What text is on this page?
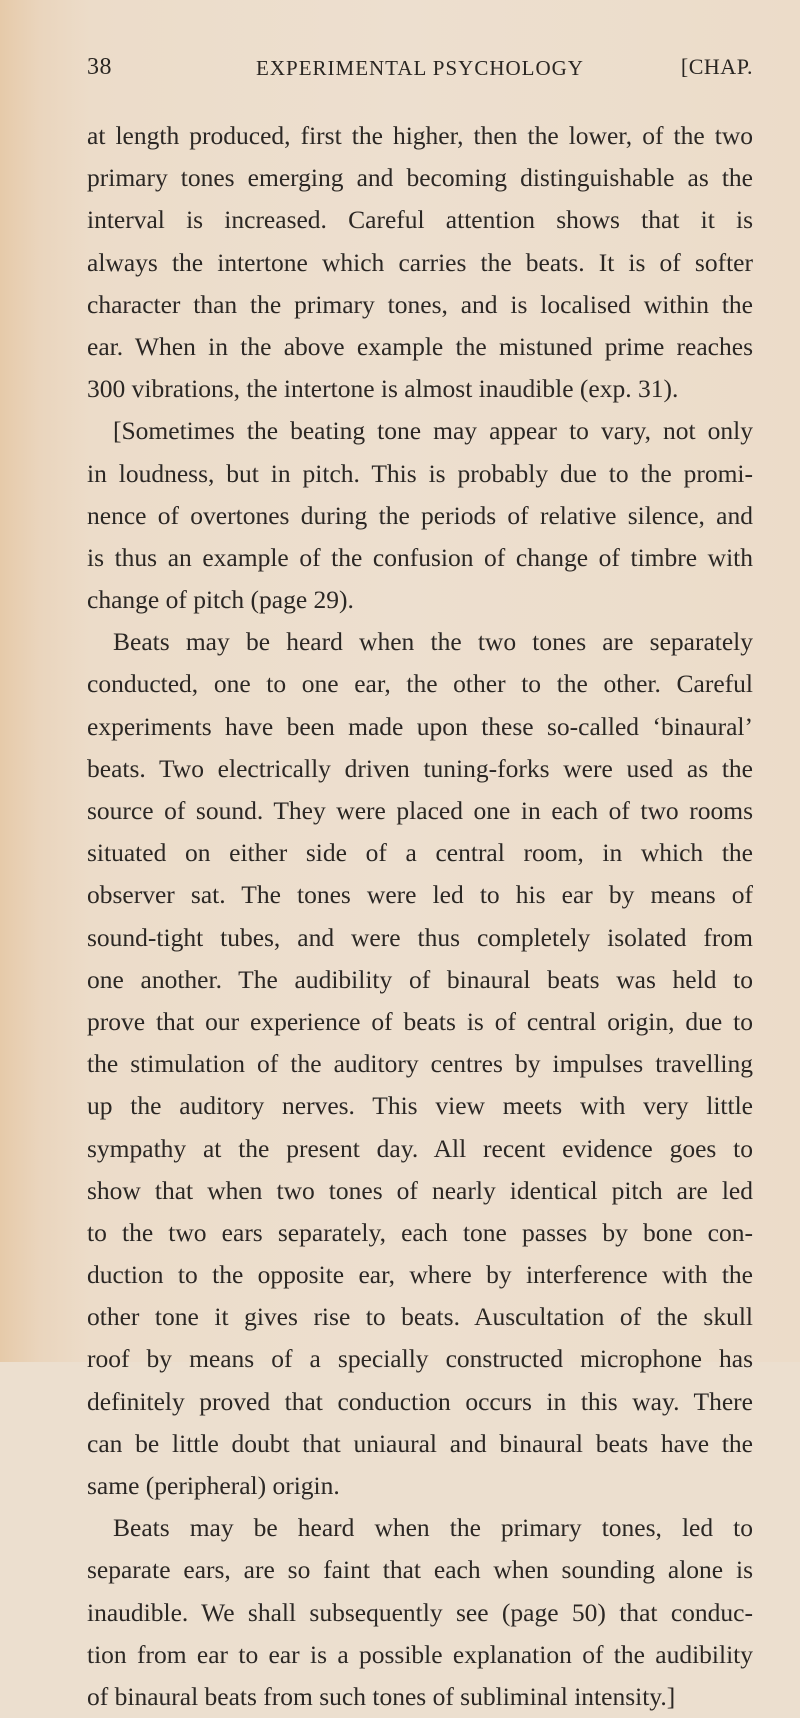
38	EXPERIMENTAL PSYCHOLOGY	[CHAP.
at length produced, first the higher, then the lower, of the two
primary tones emerging and becoming distinguishable as the
interval is increased. Careful attention shows that it is
always the intertone which carries the beats. It is of softer
character than the primary tones, and is localised within the
ear. When in the above example the mistuned prime reaches
300 vibrations, the intertone is almost inaudible (exp. 31).
[Sometimes the beating tone may appear to vary, not only
in loudness, but in pitch. This is probably due to the promi-
nence of overtones during the periods of relative silence, and
is thus an example of the confusion of change of timbre with
change of pitch (page 29).
Beats may be heard when the two tones are separately
conducted, one to one ear, the other to the other. Careful
experiments have been made upon these so-called ‘binaural’
beats. Two electrically driven tuning-forks were used as the
source of sound. They were placed one in each of two rooms
situated on either side of a central room, in which the
observer sat. The tones were led to his ear by means of
sound-tight tubes, and were thus completely isolated from
one another. The audibility of binaural beats was held to
prove that our experience of beats is of central origin, due to
the stimulation of the auditory centres by impulses travelling
up the auditory nerves. This view meets with very little
sympathy at the present day. All recent evidence goes to
show that when two tones of nearly identical pitch are led
to the two ears separately, each tone passes by bone con-
duction to the opposite ear, where by interference with the
other tone it gives rise to beats. Auscultation of the skull
roof by means of a specially constructed microphone has
definitely proved that conduction occurs in this way. There
can be little doubt that uniaural and binaural beats have the
same (peripheral) origin.
Beats may be heard when the primary tones, led to
separate ears, are so faint that each when sounding alone is
inaudible. We shall subsequently see (page 50) that conduc-
tion from ear to ear is a possible explanation of the audibility
of binaural beats from such tones of subliminal intensity.]
